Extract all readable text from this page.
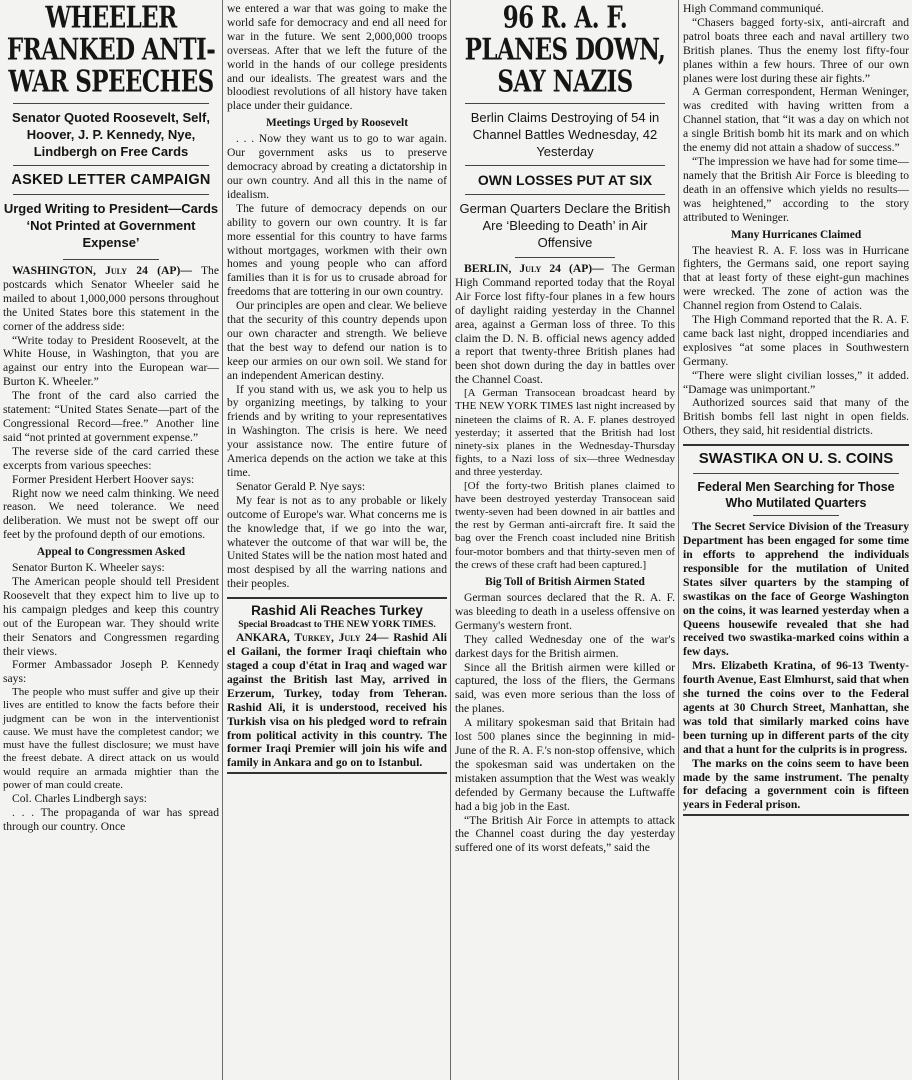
WHEELER FRANKED ANTI-WAR SPEECHES
Senator Quoted Roosevelt, Self, Hoover, J. P. Kennedy, Nye, Lindbergh on Free Cards
ASKED LETTER CAMPAIGN
Urged Writing to President—Cards ‘Not Printed at Government Expense’

WASHINGTON, July 24 (AP)— The postcards which Senator Wheeler said he mailed to about 1,000,000 persons throughout the United States bore this statement in the corner of the address side:

“Write today to President Roosevelt, at the White House, in Washington, that you are against our entry into the European war—Burton K. Wheeler.”

The front of the card also carried the statement: “United States Senate—part of the Congressional Record—free.” Another line said “not printed at government expense.”

The reverse side of the card carried these excerpts from various speeches:

Former President Herbert Hoover says:

Right now we need calm thinking. We need reason. We need tolerance. We need deliberation. We must not be swept off our feet by the profound depth of our emotions.

Appeal to Congressmen Asked

Senator Burton K. Wheeler says:

The American people should tell President Roosevelt that they expect him to live up to his campaign pledges and keep this country out of the European war. They should write their Senators and Congressmen regarding their views.

Former Ambassador Joseph P. Kennedy says:

The people who must suffer and give up their lives are entitled to know the facts before their judgment can be won in the interventionist cause. We must have the completest candor; we must have the fullest disclosure; we must have the freest debate. A direct attack on us would would require an armada mightier than the power of man could create.

Col. Charles Lindbergh says:

. . . The propaganda of war has spread through our country. Once

we entered a war that was going to make the world safe for democracy and end all need for war in the future. We sent 2,000,000 troops overseas. After that we left the future of the world in the hands of our college presidents and our idealists. The greatest wars and the bloodiest revolutions of all history have taken place under their guidance.

Meetings Urged by Roosevelt

. . . Now they want us to go to war again. Our government asks us to preserve democracy abroad by creating a dictatorship in our own country. And all this in the name of idealism.

The future of democracy depends on our ability to govern our own country. It is far more essential for this country to have farms without mortgages, workmen with their own homes and young people who can afford families than it is for us to crusade abroad for freedoms that are tottering in our own country.

Our principles are open and clear. We believe that the security of this country depends upon our own character and strength. We believe that the best way to defend our nation is to keep our armies on our own soil. We stand for an independent American destiny.

If you stand with us, we ask you to help us by organizing meetings, by talking to your friends and by writing to your representatives in Washington. The crisis is here. We need your assistance now. The entire future of America depends on the action we take at this time.

Senator Gerald P. Nye says:

My fear is not as to any probable or likely outcome of Europe's war. What concerns me is the knowledge that, if we go into the war, whatever the outcome of that war will be, the United States will be the nation most hated and most despised by all the warring nations and their peoples.

Rashid Ali Reaches Turkey
Special Broadcast to THE NEW YORK TIMES.

ANKARA, Turkey, July 24— Rashid Ali el Gailani, the former Iraqi chieftain who staged a coup d'état in Iraq and waged war against the British last May, arrived in Erzerum, Turkey, today from Teheran. Rashid Ali, it is understood, received his Turkish visa on his pledged word to refrain from political activity in this country. The former Iraqi Premier will join his wife and family in Ankara and go on to Istanbul.

96 R. A. F. PLANES DOWN, SAY NAZIS
Berlin Claims Destroying of 54 in Channel Battles Wednesday, 42 Yesterday
OWN LOSSES PUT AT SIX
German Quarters Declare the British Are ‘Bleeding to Death’ in Air Offensive

BERLIN, July 24 (AP)— The German High Command reported today that the Royal Air Force lost fifty-four planes in a few hours of daylight raiding yesterday in the Channel area, against a German loss of three. To this claim the D. N. B. official news agency added a report that twenty-three British planes had been shot down during the day in battles over the Channel Coast.

[A German Transocean broadcast heard by THE NEW YORK TIMES last night increased by nineteen the claims of R. A. F. planes destroyed yesterday; it asserted that the British had lost ninety-six planes in the Wednesday-Thursday fights, to a Nazi loss of six—three Wednesday and three yesterday.

[Of the forty-two British planes claimed to have been destroyed yesterday Transocean said twenty-seven had been downed in air battles and the rest by German anti-aircraft fire. It said the bag over the French coast included nine British four-motor bombers and that thirty-seven men of the crews of these craft had been captured.]

Big Toll of British Airmen Stated

German sources declared that the R. A. F. was bleeding to death in a useless offensive on Germany's western front.

They called Wednesday one of the war's darkest days for the British airmen.

Since all the British airmen were killed or captured, the loss of the fliers, the Germans said, was even more serious than the loss of the planes.

A military spokesman said that Britain had lost 500 planes since the beginning in mid-June of the R. A. F.'s non-stop offensive, which the spokesman said was undertaken on the mistaken assumption that the West was weakly defended by Germany because the Luftwaffe had a big job in the East.

“The British Air Force in attempts to attack the Channel coast during the day yesterday suffered one of its worst defeats,” said the

High Command communiqué.

“Chasers bagged forty-six, anti-aircraft and patrol boats three each and naval artillery two British planes. Thus the enemy lost fifty-four planes within a few hours. Three of our own planes were lost during these air fights.”

A German correspondent, Herman Weninger, was credited with having written from a Channel station, that “it was a day on which not a single British bomb hit its mark and on which the enemy did not attain a shadow of success.”

“The impression we have had for some time—namely that the British Air Force is bleeding to death in an offensive which yields no results—was heightened,” according to the story attributed to Weninger.

Many Hurricanes Claimed

The heaviest R. A. F. loss was in Hurricane fighters, the Germans said, one report saying that at least forty of these eight-gun machines were wrecked. The zone of action was the Channel region from Ostend to Calais.

The High Command reported that the R. A. F. came back last night, dropped incendiaries and explosives “at some places in Southwestern Germany.

“There were slight civilian losses,” it added. “Damage was unimportant.”

Authorized sources said that many of the British bombs fell last night in open fields. Others, they said, hit residential districts.

SWASTIKA ON U. S. COINS
Federal Men Searching for Those Who Mutilated Quarters

The Secret Service Division of the Treasury Department has been engaged for some time in efforts to apprehend the individuals responsible for the mutilation of United States silver quarters by the stamping of swastikas on the face of George Washington on the coins, it was learned yesterday when a Queens housewife revealed that she had received two swastika-marked coins within a few days.

Mrs. Elizabeth Kratina, of 96-13 Twenty-fourth Avenue, East Elmhurst, said that when she turned the coins over to the Federal agents at 30 Church Street, Manhattan, she was told that similarly marked coins have been turning up in different parts of the city and that a hunt for the culprits is in progress.

The marks on the coins seem to have been made by the same instrument. The penalty for defacing a government coin is fifteen years in Federal prison.
